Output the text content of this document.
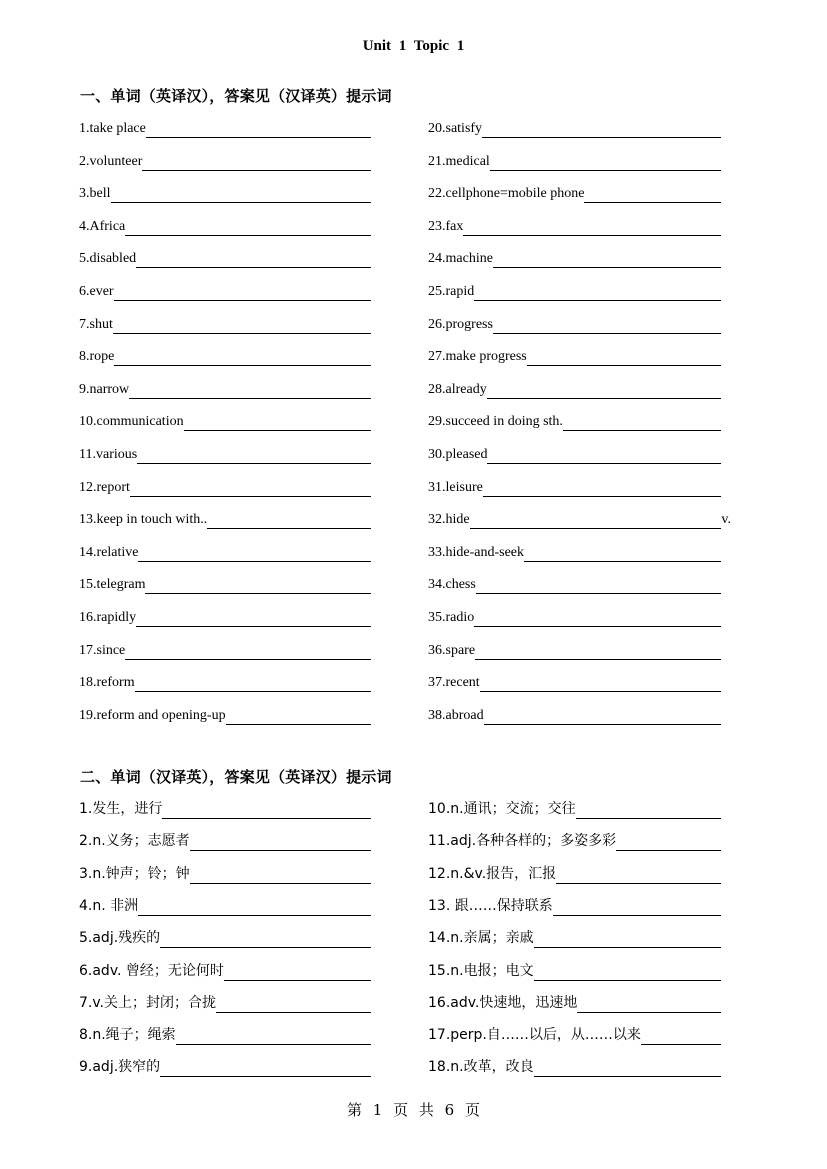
Unit 1 Topic 1
一、单词（英译汉），答案见（汉译英）提示词
1.take place
2.volunteer
3.bell
4.Africa
5.disabled
6.ever
7.shut
8.rope
9.narrow
10.communication
11.various
12.report
13.keep in touch with..
14.relative
15.telegram
16.rapidly
17.since
18.reform
19.reform and opening-up
20.satisfy
21.medical
22.cellphone=mobile phone
23.fax
24.machine
25.rapid
26.progress
27.make progress
28.already
29.succeed in doing sth.
30.pleased
31.leisure
32.hide	v.
33.hide-and-seek
34.chess
35.radio
36.spare
37.recent
38.abroad
二、单词（汉译英），答案见（英译汉）提示词
1.发生，进行
2.n.义务；志愿者
3.n.钟声；铃；钟
4.n. 非洲
5.adj.残疾的
6.adv. 曾经；无论何时
7.v.关上；封闭；合拢
8.n.绳子；绳索
9.adj.狭窄的
10.n.通讯；交流；交往
11.adj.各种各样的；多姿多彩
12.n.&v.报告，汇报
13. 跟……保持联系
14.n.亲属；亲戚
15.n.电报；电文
16.adv.快速地，迅速地
17.perp.自……以后，从……以来
18.n.改革，改良
第 1 页 共 6 页
